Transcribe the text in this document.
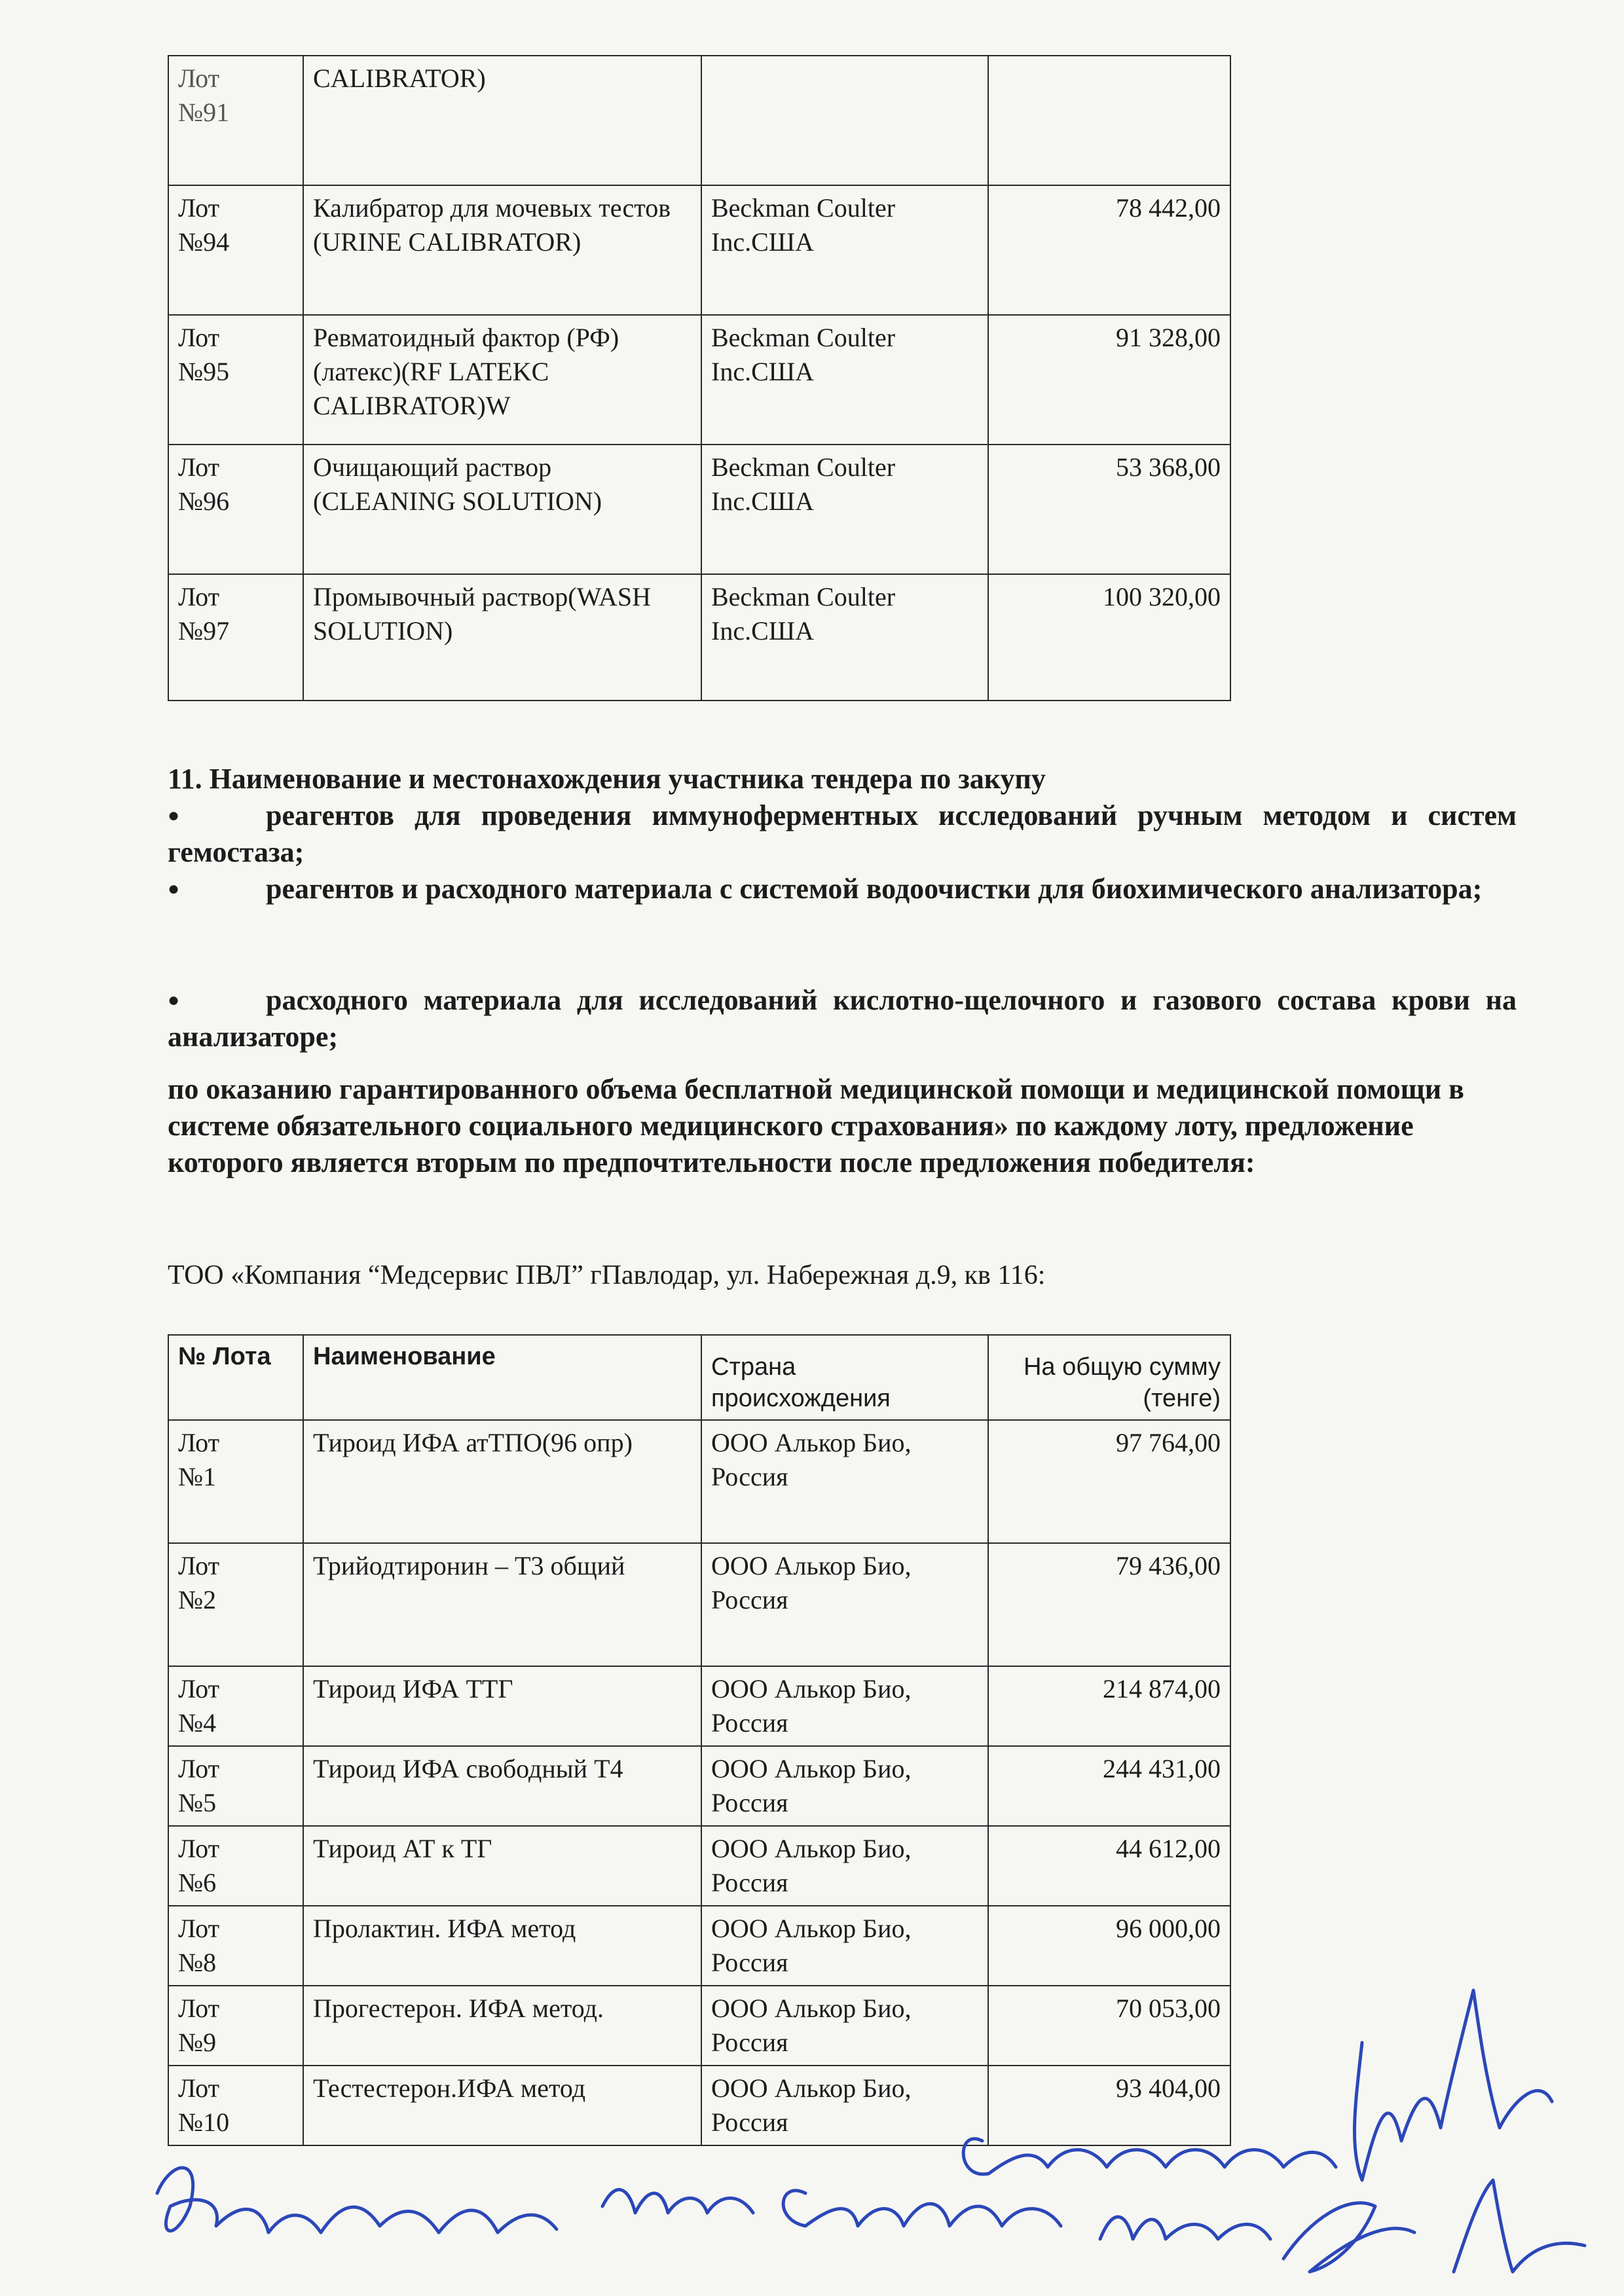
Лот
№91	CALIBRATOR)		
Лот
№94	Калибратор для мочевых тестов (URINE CALIBRATOR)	Beckman Coulter Inc.США	78 442,00
Лот
№95	Ревматоидный фактор (РФ)(латекс)(RF LATEKC CALIBRATOR)W	Beckman Coulter Inc.США	91 328,00
Лот
№96	Очищающий раствор (CLEANING SOLUTION)	Beckman Coulter Inc.США	53 368,00
Лот
№97	Промывочный раствор(WASH SOLUTION)	Beckman Coulter Inc.США	100 320,00
11. Наименование и местонахождения участника тендера по закупу
●	реагентов для проведения иммуноферментных исследований ручным методом и систем гемостаза;
●	реагентов и расходного материала с системой водоочистки для биохимического анализатора;
●	расходного материала для исследований кислотно-щелочного и газового состава крови на анализаторе;
по оказанию гарантированного объема бесплатной медицинской помощи и медицинской помощи в системе обязательного социального медицинского страхования» по каждому лоту, предложение которого является вторым по предпочтительности после предложения победителя:
ТОО «Компания “Медсервис ПВЛ” гПавлодар, ул. Набережная д.9, кв 116:
№ Лота	Наименование	Страна происхождения	На общую сумму (тенге)
Лот
№1	Тироид ИФА атТПО(96 опр)	ООО Алькор Био, Россия	97 764,00
Лот
№2	Трийодтиронин – Т3 общий	ООО Алькор Био, Россия	79 436,00
Лот
№4	Тироид ИФА ТТГ	ООО Алькор Био, Россия	214 874,00
Лот
№5	Тироид ИФА свободный Т4	ООО Алькор Био, Россия	244 431,00
Лот
№6	Тироид АТ к ТГ	ООО Алькор Био, Россия	44 612,00
Лот
№8	Пролактин. ИФА метод	ООО Алькор Био, Россия	96 000,00
Лот
№9	Прогестерон. ИФА метод.	ООО Алькор Био, Россия	70 053,00
Лот
№10	Тестестерон.ИФА метод	ООО Алькор Био, Россия	93 404,00
